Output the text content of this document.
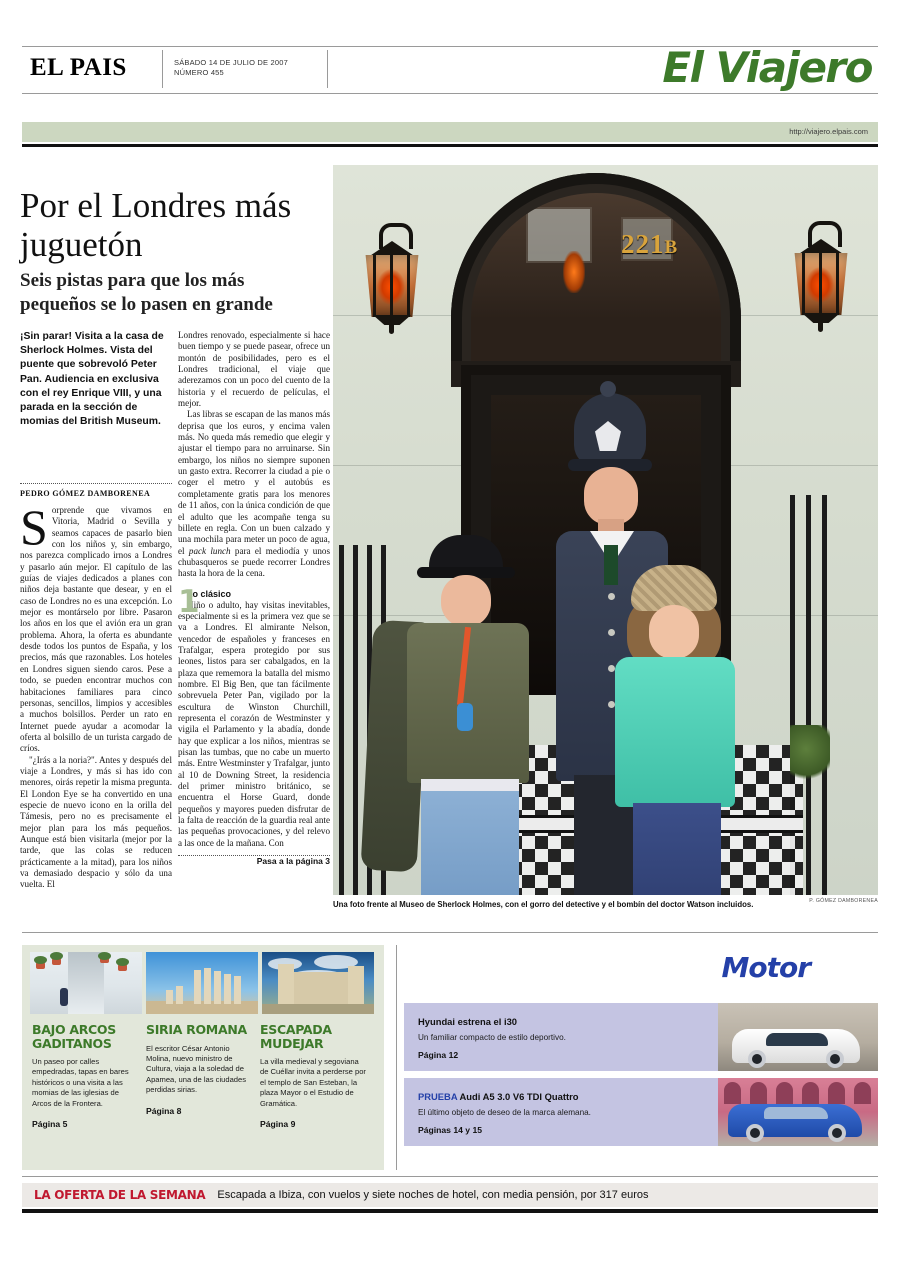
EL PAIS	SÁBADO 14 DE JULIO DE 2007
NÚMERO 455	El Viajero
http://viajero.elpais.com
Por el Londres más juguetón
Seis pistas para que los más pequeños se lo pasen en grande
¡Sin parar! Visita a la casa de Sherlock Holmes. Vista del puente que sobrevoló Peter Pan. Audiencia en exclusiva con el rey Enrique VIII, y una parada en la sección de momias del British Museum.
PEDRO GÓMEZ DAMBORENEA

Sorprende que vivamos en Vitoria, Madrid o Sevilla y seamos capaces de pasarlo bien con los niños y, sin embargo, nos parezca complicado irnos a Londres y pasarlo aún mejor. El capítulo de las guías de viajes dedicados a planes con niños deja bastante que desear, y en el caso de Londres no es una excepción. Lo mejor es montárselo por libre. Pasaron los años en los que el avión era un gran problema. Ahora, la oferta es abundante desde todos los puntos de España, y los precios, más que razonables. Los hoteles en Londres siguen siendo caros. Pese a todo, se pueden encontrar muchos con habitaciones familiares para cinco personas, sencillos, limpios y accesibles a muchos bolsillos. Perder un rato en Internet puede ayudar a acomodar la oferta al bolsillo de un turista cargado de críos.

"¿Irás a la noria?". Antes y después del viaje a Londres, y más si has ido con menores, oirás repetir la misma pregunta. El London Eye se ha convertido en una especie de nuevo icono en la orilla del Támesis, pero no es precisamente el mejor plan para los más pequeños. Aunque está bien visitarla (mejor por la tarde, que las colas se reducen prácticamente a la mitad), para los niños va demasiado despacio y sólo da una vuelta. El

Londres renovado, especialmente si hace buen tiempo y se puede pasear, ofrece un montón de posibilidades, pero es el Londres tradicional, el viaje que aderezamos con un poco del cuento de la historia y el recuerdo de películas, el mejor.

Las libras se escapan de las manos más deprisa que los euros, y encima valen más. No queda más remedio que elegir y ajustar el tiempo para no arruinarse. Sin embargo, los niños no siempre suponen un gasto extra. Recorrer la ciudad a pie o coger el metro y el autobús es completamente gratis para los menores de 11 años, con la única condición de que el adulto que les acompañe tenga su billete en regla. Con un buen calzado y una mochila para meter un poco de agua, el pack lunch para el mediodía y unos chubasqueros se puede recorrer Londres hasta la hora de la cena.

1

Lo clásico

Niño o adulto, hay visitas inevitables, especialmente si es la primera vez que se va a Londres. El almirante Nelson, vencedor de españoles y franceses en Trafalgar, espera protegido por sus leones, listos para ser cabalgados, en la plaza que rememora la batalla del mismo nombre. El Big Ben, que tan fácilmente sobrevuela Peter Pan, vigilado por la escultura de Winston Churchill, representa el corazón de Westminster y vigila el Parlamento y la abadía, donde hay que explicar a los niños, mientras se pisan las tumbas, que no cabe un muerto más. Entre Westminster y Trafalgar, junto al 10 de Downing Street, la residencia del primer ministro británico, se encuentra el Horse Guard, donde pequeños y mayores pueden disfrutar de la falta de reacción de la guardia real ante las pequeñas provocaciones, y del relevo a las once de la mañana. Con

Pasa a la página 3

221B
Una foto frente al Museo de Sherlock Holmes, con el gorro del detective y el bombín del doctor Watson incluidos.	P. GÓMEZ DAMBORENEA
BAJO ARCOS GADITANOS
Un paseo por calles empedradas, tapas en bares históricos o una visita a las momias de las iglesias de Arcos de la Frontera.
Página 5
SIRIA ROMANA
El escritor César Antonio Molina, nuevo ministro de Cultura, viaja a la soledad de Apamea, una de las ciudades perdidas sirias.
Página 8
ESCAPADA MUDEJAR
La villa medieval y segoviana de Cuéllar invita a perderse por el templo de San Esteban, la plaza Mayor o el Estudio de Gramática.
Página 9
Motor
Hyundai estrena el i30
Un familiar compacto de estilo deportivo.
Página 12
PRUEBA Audi A5 3.0 V6 TDI Quattro
El último objeto de deseo de la marca alemana.
Páginas 14 y 15
LA OFERTA DE LA SEMANA Escapada a Ibiza, con vuelos y siete noches de hotel, con media pensión, por 317 euros
